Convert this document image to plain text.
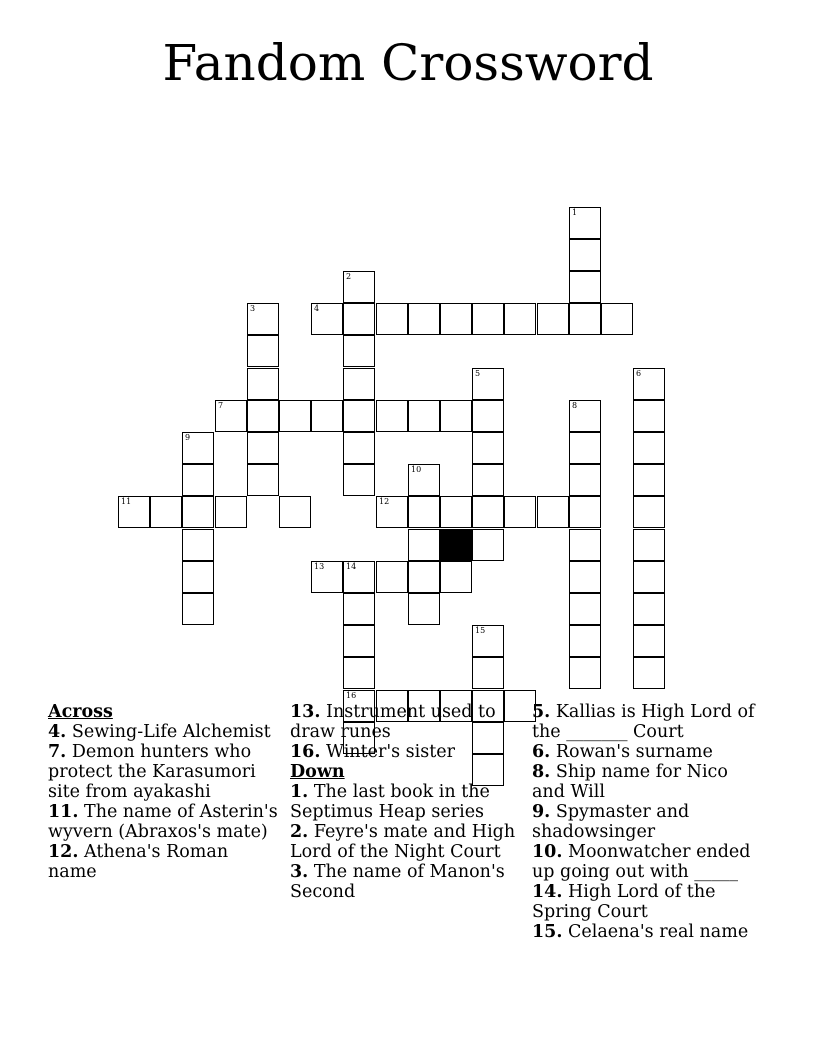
Fandom Crossword
1
2
3	4
5	6
7	8
9
10
11	12
13	14
15
16
Across
4. Sewing-Life Alchemist
7. Demon hunters who protect the Karasumori site from ayakashi
11. The name of Asterin's wyvern (Abraxos's mate)
12. Athena's Roman name
13. Instrument used to draw runes
16. Winter's sister
Down
1. The last book in the Septimus Heap series
2. Feyre's mate and High Lord of the Night Court
3. The name of Manon's Second
5. Kallias is High Lord of the _______ Court
6. Rowan's surname
8. Ship name for Nico and Will
9. Spymaster and shadowsinger
10. Moonwatcher ended up going out with _____
14. High Lord of the Spring Court
15. Celaena's real name
